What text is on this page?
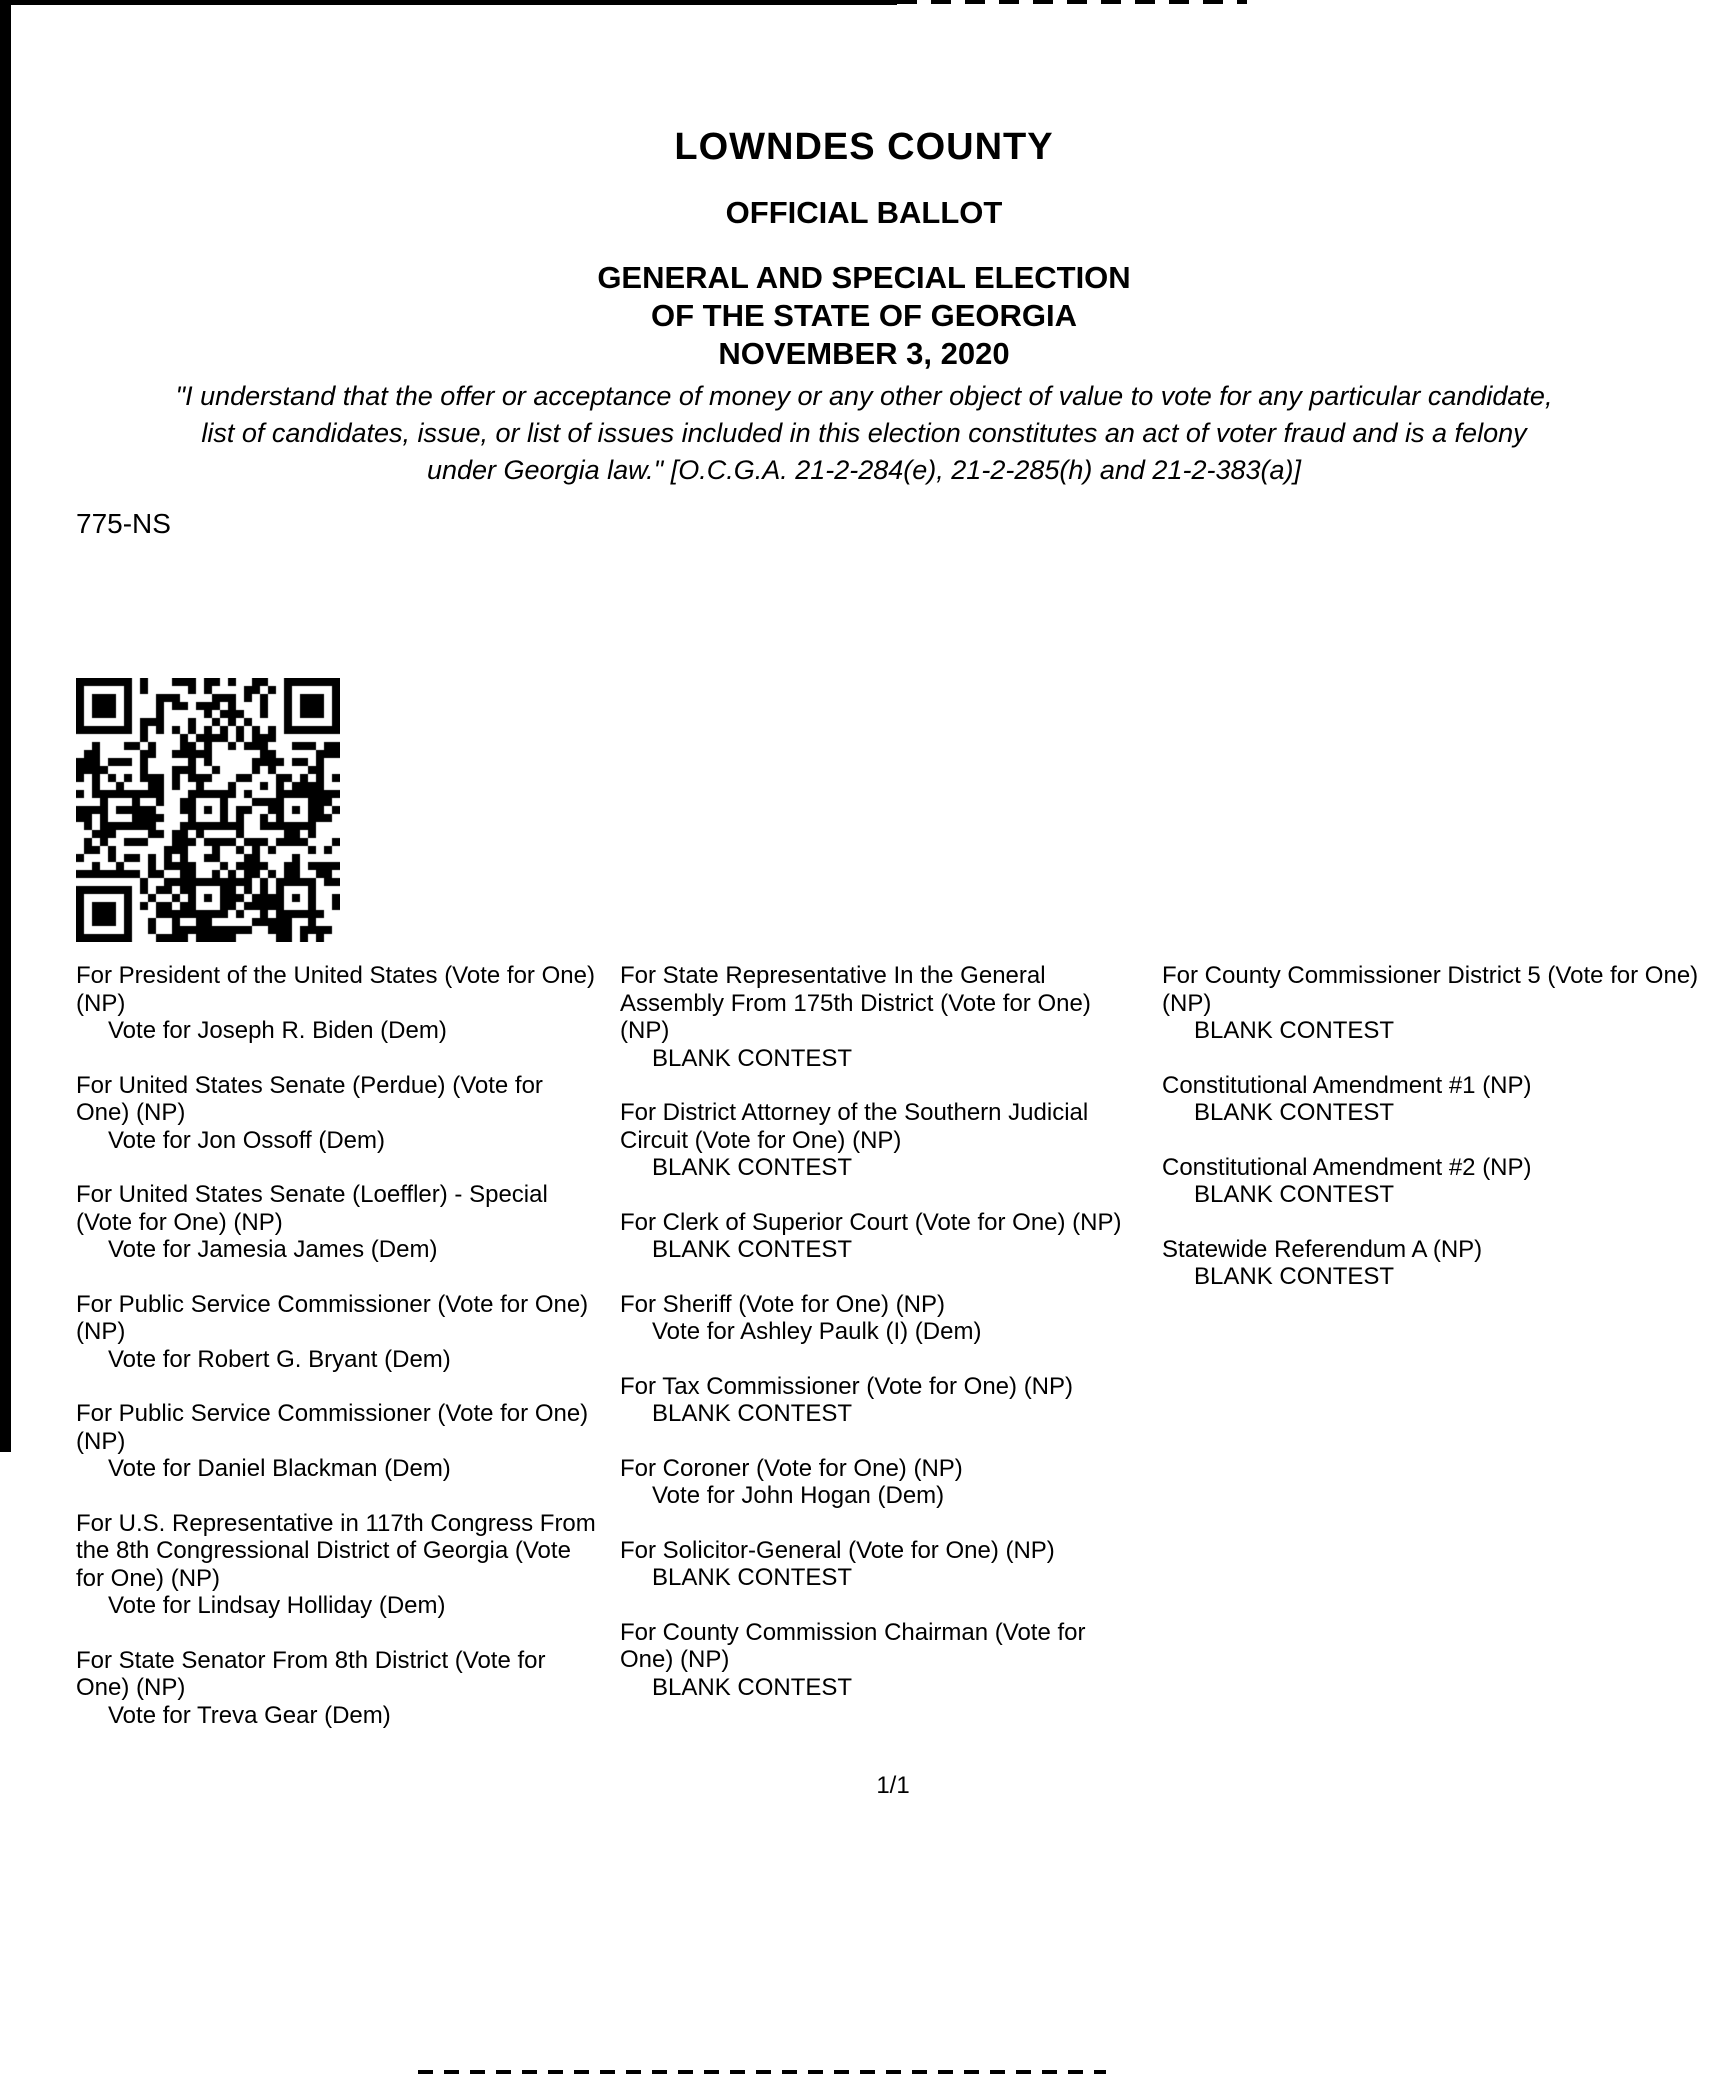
LOWNDES COUNTY
OFFICIAL BALLOT
GENERAL AND SPECIAL ELECTION
OF THE STATE OF GEORGIA
NOVEMBER 3, 2020
"I understand that the offer or acceptance of money or any other object of value to vote for any particular candidate,
list of candidates, issue, or list of issues included in this election constitutes an act of voter fraud and is a felony
under Georgia law." [O.C.G.A. 21-2-284(e), 21-2-285(h) and 21-2-383(a)]
775-NS
For President of the United States (Vote for One) (NP)
Vote for Joseph R. Biden (Dem)
For United States Senate (Perdue) (Vote for One) (NP)
Vote for Jon Ossoff (Dem)
For United States Senate (Loeffler) - Special (Vote for One) (NP)
Vote for Jamesia James (Dem)
For Public Service Commissioner (Vote for One) (NP)
Vote for Robert G. Bryant (Dem)
For Public Service Commissioner (Vote for One) (NP)
Vote for Daniel Blackman (Dem)
For U.S. Representative in 117th Congress From the 8th Congressional District of Georgia (Vote for One) (NP)
Vote for Lindsay Holliday (Dem)
For State Senator From 8th District (Vote for One) (NP)
Vote for Treva Gear (Dem)
For State Representative In the General Assembly From 175th District (Vote for One) (NP)
BLANK CONTEST
For District Attorney of the Southern Judicial Circuit (Vote for One) (NP)
BLANK CONTEST
For Clerk of Superior Court (Vote for One) (NP)
BLANK CONTEST
For Sheriff (Vote for One) (NP)
Vote for Ashley Paulk (I) (Dem)
For Tax Commissioner (Vote for One) (NP)
BLANK CONTEST
For Coroner (Vote for One) (NP)
Vote for John Hogan (Dem)
For Solicitor-General (Vote for One) (NP)
BLANK CONTEST
For County Commission Chairman (Vote for One) (NP)
BLANK CONTEST
For County Commissioner District 5 (Vote for One) (NP)
BLANK CONTEST
Constitutional Amendment #1 (NP)
BLANK CONTEST
Constitutional Amendment #2 (NP)
BLANK CONTEST
Statewide Referendum A (NP)
BLANK CONTEST
1/1
